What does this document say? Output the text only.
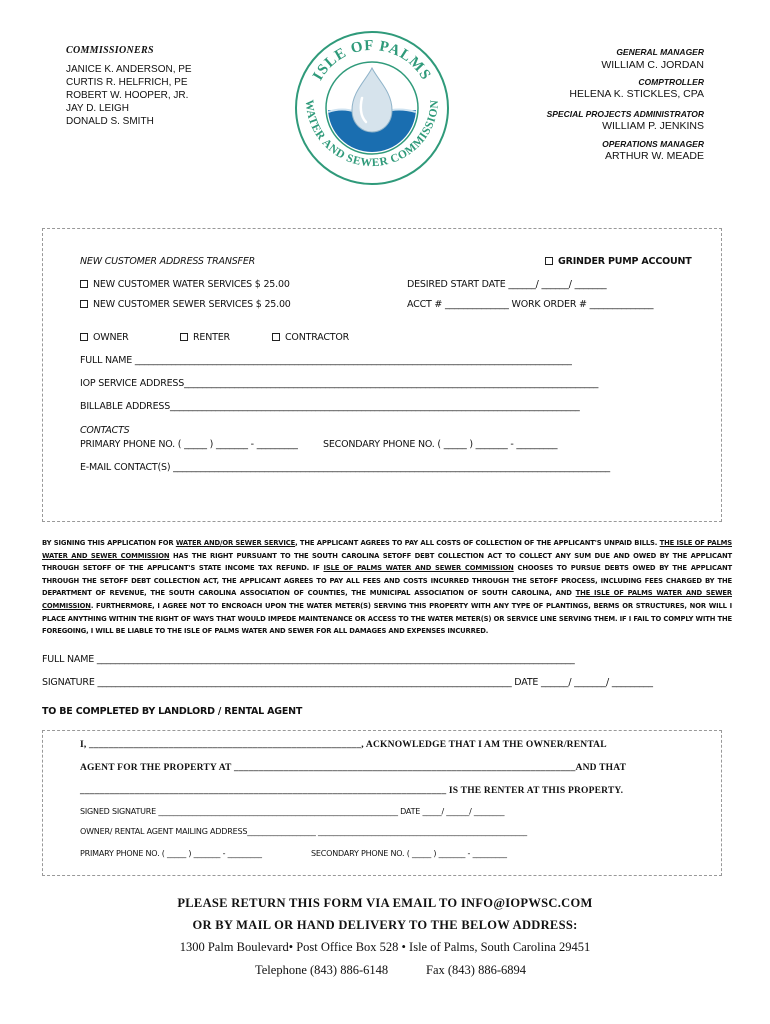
COMMISSIONERS
JANICE K. ANDERSON, PE
CURTIS R. HELFRICH, PE
ROBERT W. HOOPER, JR.
JAY D. LEIGH
DONALD S. SMITH
GENERAL MANAGER
WILLIAM C. JORDAN
COMPTROLLER
HELENA K. STICKLES, CPA
SPECIAL PROJECTS ADMINISTRATOR
WILLIAM P. JENKINS
OPERATIONS MANAGER
ARTHUR W. MEADE
ISLE OF PALMS
WATER AND SEWER COMMISSION
NEW CUSTOMER ADDRESS TRANSFER	GRINDER PUMP ACCOUNT
NEW CUSTOMER WATER SERVICES $ 25.00	DESIRED START DATE ______/ ______/ _______
NEW CUSTOMER SEWER SERVICES $ 25.00	ACCT # ______________ WORK ORDER # ______________
OWNER	RENTER	CONTRACTOR
FULL NAME ________________________________________________________________________________________________
IOP SERVICE ADDRESS___________________________________________________________________________________________
BILLABLE ADDRESS__________________________________________________________________________________________
CONTACTS
PRIMARY PHONE NO. ( _____ ) _______ - _________	SECONDARY PHONE NO. ( _____ ) _______ - _________
E-MAIL CONTACT(S) ________________________________________________________________________________________________
BY SIGNING THIS APPLICATION FOR WATER AND/OR SEWER SERVICE, THE APPLICANT AGREES TO PAY ALL COSTS OF COLLECTION OF THE APPLICANT'S UNPAID BILLS. THE ISLE OF PALMS WATER AND SEWER COMMISSION HAS THE RIGHT PURSUANT TO THE SOUTH CAROLINA SETOFF DEBT COLLECTION ACT TO COLLECT ANY SUM DUE AND OWED BY THE APPLICANT THROUGH SETOFF OF THE APPLICANT'S STATE INCOME TAX REFUND. IF ISLE OF PALMS WATER AND SEWER COMMISSION CHOOSES TO PURSUE DEBTS OWED BY THE APPLICANT THROUGH THE SETOFF DEBT COLLECTION ACT, THE APPLICANT AGREES TO PAY ALL FEES AND COSTS INCURRED THROUGH THE SETOFF PROCESS, INCLUDING FEES CHARGED BY THE DEPARTMENT OF REVENUE, THE SOUTH CAROLINA ASSOCIATION OF COUNTIES, THE MUNICIPAL ASSOCIATION OF SOUTH CAROLINA, AND THE ISLE OF PALMS WATER AND SEWER COMMISSION. FURTHERMORE, I AGREE NOT TO ENCROACH UPON THE WATER METER(S) SERVING THIS PROPERTY WITH ANY TYPE OF PLANTINGS, BERMS OR STRUCTURES, NOR WILL I PLACE ANYTHING WITHIN THE RIGHT OF WAYS THAT WOULD IMPEDE MAINTENANCE OR ACCESS TO THE WATER METER(S) OR SERVICE LINE SERVING THEM. IF I FAIL TO COMPLY WITH THE FOREGOING, I WILL BE LIABLE TO THE ISLE OF PALMS WATER AND SEWER FOR ALL DAMAGES AND EXPENSES INCURRED.
FULL NAME _________________________________________________________________________________________________________
SIGNATURE ___________________________________________________________________________________________ DATE ______/ _______/ _________
TO BE COMPLETED BY LANDLORD / RENTAL AGENT
I, _______________________________________________________, ACKNOWLEDGE THAT I AM THE OWNER/RENTAL
AGENT FOR THE PROPERTY AT _____________________________________________________________________AND THAT
__________________________________________________________________________ IS THE RENTER AT THIS PROPERTY.
SIGNED SIGNATURE _______________________________________________________________ DATE _____/ ______/ ________
OWNER/ RENTAL AGENT MAILING ADDRESS__________________ _______________________________________________________
PRIMARY PHONE NO. ( _____ ) _______ - _________	SECONDARY PHONE NO. ( _____ ) _______ - _________
PLEASE RETURN THIS FORM VIA EMAIL TO INFO@IOPWSC.COM
OR BY MAIL OR HAND DELIVERY TO THE BELOW ADDRESS:
1300 Palm Boulevard• Post Office Box 528 • Isle of Palms, South Carolina 29451
Telephone (843) 886-6148	Fax (843) 886-6894
